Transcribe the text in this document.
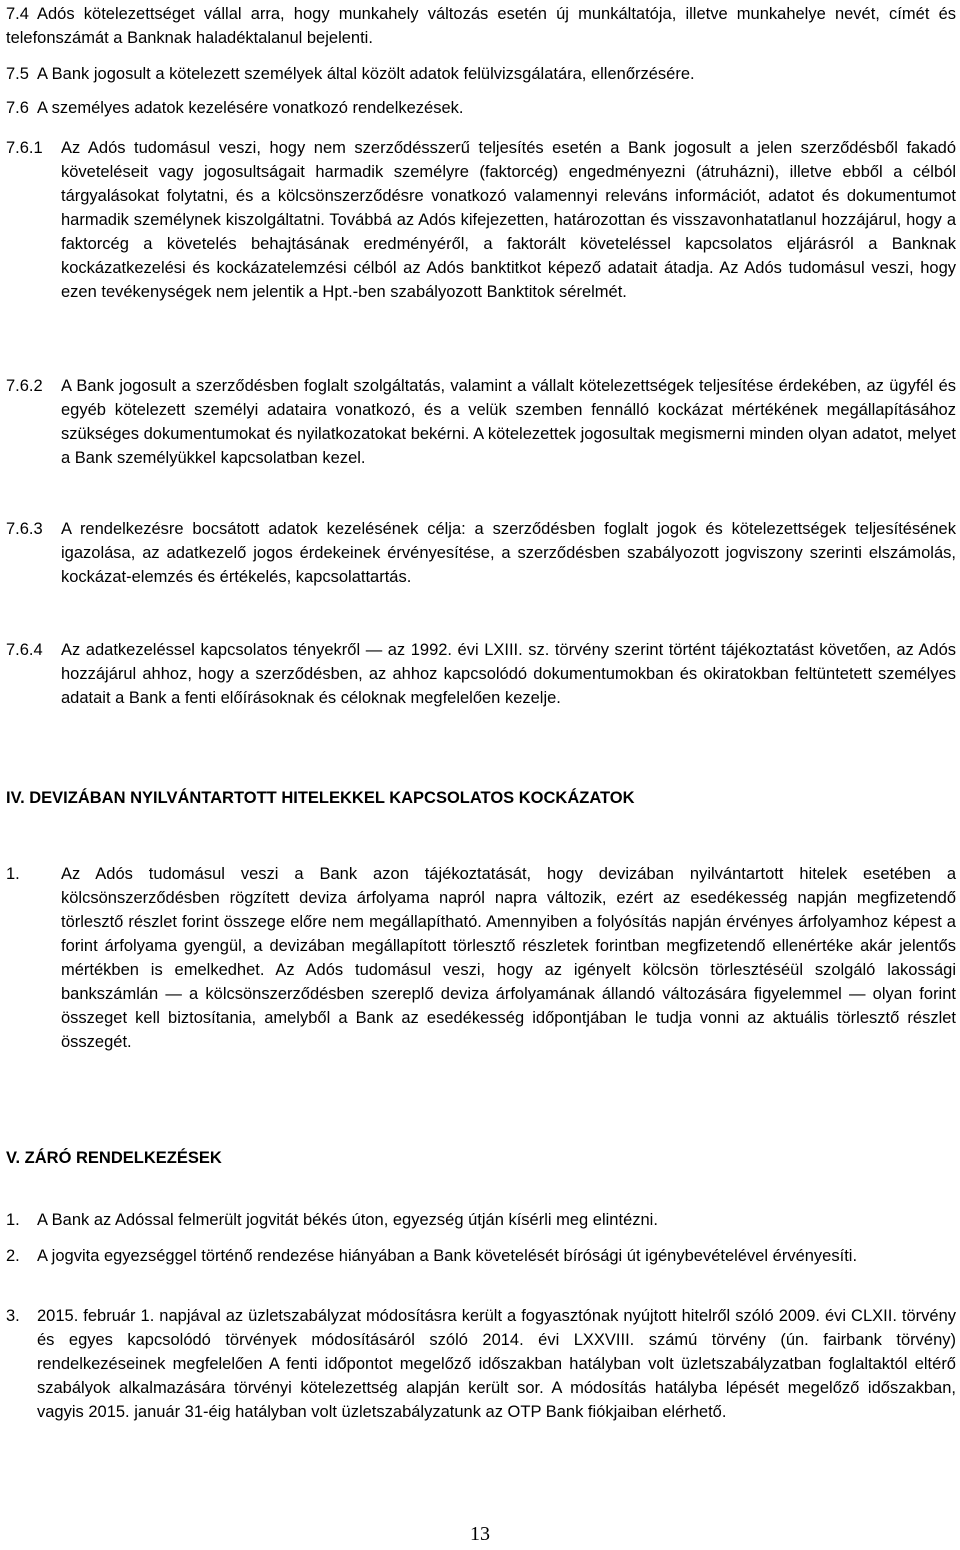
7.4 Adós kötelezettséget vállal arra, hogy munkahely változás esetén új munkáltatója, illetve munkahelye nevét, címét és telefonszámát a Banknak haladéktalanul bejelenti.
7.5 A Bank jogosult a kötelezett személyek által közölt adatok felülvizsgálatára, ellenőrzésére.
7.6 A személyes adatok kezelésére vonatkozó rendelkezések.
7.6.1	Az Adós tudomásul veszi, hogy nem szerződésszerű teljesítés esetén a Bank jogosult a jelen szerződésből fakadó követeléseit vagy jogosultságait harmadik személyre (faktorcég) engedményezni (átruházni), illetve ebből a célból tárgyalásokat folytatni, és a kölcsönszerződésre vonatkozó valamennyi releváns információt, adatot és dokumentumot harmadik személynek kiszolgáltatni. Továbbá az Adós kifejezetten, határozottan és visszavonhatatlanul hozzájárul, hogy a faktorcég a követelés behajtásának eredményéről, a faktorált követeléssel kapcsolatos eljárásról a Banknak kockázatkezelési és kockázatelemzési célból az Adós banktitkot képező adatait átadja. Az Adós tudomásul veszi, hogy ezen tevékenységek nem jelentik a Hpt.-ben szabályozott Banktitok sérelmét.
7.6.2	A Bank jogosult a szerződésben foglalt szolgáltatás, valamint a vállalt kötelezettségek teljesítése érdekében, az ügyfél és egyéb kötelezett személyi adataira vonatkozó, és a velük szemben fennálló kockázat mértékének megállapításához szükséges dokumentumokat és nyilatkozatokat bekérni. A kötelezettek jogosultak megismerni minden olyan adatot, melyet a Bank személyükkel kapcsolatban kezel.
7.6.3	A rendelkezésre bocsátott adatok kezelésének célja: a szerződésben foglalt jogok és kötelezettségek teljesítésének igazolása, az adatkezelő jogos érdekeinek érvényesítése, a szerződésben szabályozott jogviszony szerinti elszámolás, kockázat-elemzés és értékelés, kapcsolattartás.
7.6.4	Az adatkezeléssel kapcsolatos tényekről — az 1992. évi LXIII. sz. törvény szerint történt tájékoztatást követően, az Adós hozzájárul ahhoz, hogy a szerződésben, az ahhoz kapcsolódó dokumentumokban és okiratokban feltüntetett személyes adatait a Bank a fenti előírásoknak és céloknak megfelelően kezelje.
IV. DEVIZÁBAN NYILVÁNTARTOTT HITELEKKEL KAPCSOLATOS KOCKÁZATOK
1.	Az Adós tudomásul veszi a Bank azon tájékoztatását, hogy devizában nyilvántartott hitelek esetében a kölcsönszerződésben rögzített deviza árfolyama napról napra változik, ezért az esedékesség napján megfizetendő törlesztő részlet forint összege előre nem megállapítható. Amennyiben a folyósítás napján érvényes árfolyamhoz képest a forint árfolyama gyengül, a devizában megállapított törlesztő részletek forintban megfizetendő ellenértéke akár jelentős mértékben is emelkedhet. Az Adós tudomásul veszi, hogy az igényelt kölcsön törlesztéséül szolgáló lakossági bankszámlán — a kölcsönszerződésben szereplő deviza árfolyamának állandó változására figyelemmel — olyan forint összeget kell biztosítania, amelyből a Bank az esedékesség időpontjában le tudja vonni az aktuális törlesztő részlet összegét.
V. ZÁRÓ RENDELKEZÉSEK
1.	A Bank az Adóssal felmerült jogvitát békés úton, egyezség útján kísérli meg elintézni.
2.	A jogvita egyezséggel történő rendezése hiányában a Bank követelését bírósági út igénybevételével érvényesíti.
3.	2015. február 1. napjával az üzletszabályzat módosításra került a fogyasztónak nyújtott hitelről szóló 2009. évi CLXII. törvény és egyes kapcsolódó törvények módosításáról szóló 2014. évi LXXVIII. számú törvény (ún. fairbank törvény) rendelkezéseinek megfelelően A fenti időpontot megelőző időszakban hatályban volt üzletszabályzatban foglaltaktól eltérő szabályok alkalmazására törvényi kötelezettség alapján került sor. A módosítás hatályba lépését megelőző időszakban, vagyis 2015. január 31-éig hatályban volt üzletszabályzatunk az OTP Bank fiókjaiban elérhető.
13
